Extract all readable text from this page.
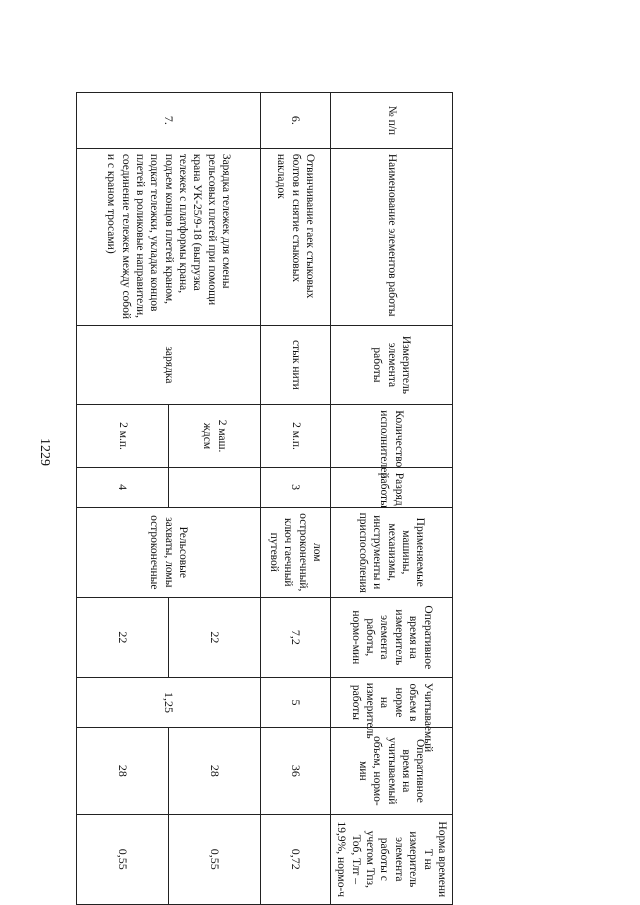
1229
№ п/п	Наименование элементов работы	Измеритель элемента работы	Количество исполнителей	Разряд работы	Применяемые машины, механизмы, инструменты и приспособления	Оперативное время на измеритель элемента работы, нормо-мин	Учитываемый объем в норме на измеритель работы	Оперативное время на учитываемый объем, нормо-мин	Норма времени Т на измеритель элемента работы с учетом Тпз, Тоб, Тлт – 19,9%, нормо-ч
6.	Отвинчивание гаек стыковых болтов и снятие стыковых накладок	стык нити	2 м.п.	3	лом остроконечный, ключ гаечный путевой	7,2	5	36	0,72
7.	Зарядка тележек для смены рельсовых плетей при помощи крана УК-25/9-18 (выгрузка тележек с платформы крана, подъем концов плетей краном, подкат тележки, укладка концов плетей в роликовые направители, соединение тележек между собой и с краном тросами)	зарядка	2 маш. ждсм		Рельсовые захваты, ломы остроконечные	22	1,25	28	0,55
			2 м.п.	4		22		28	0,55
